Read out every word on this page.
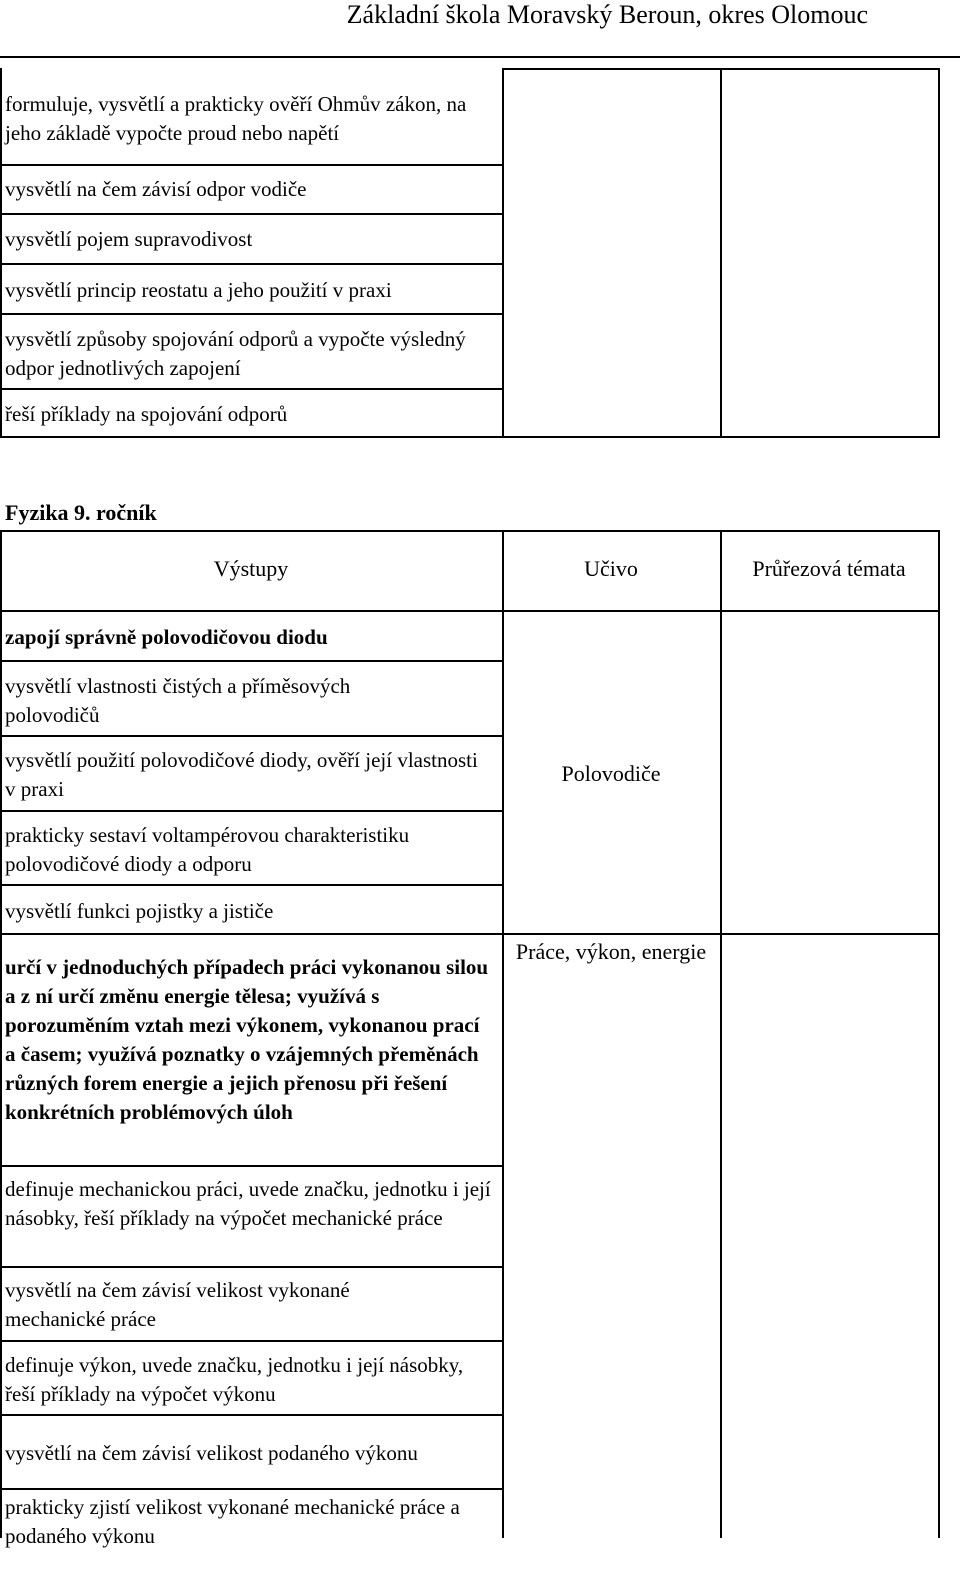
Základní škola Moravský Beroun, okres Olomouc
formuluje, vysvětlí a prakticky ověří Ohmův zákon, na jeho základě vypočte proud nebo napětí
vysvětlí na čem závisí odpor vodiče
vysvětlí pojem supravodivost
vysvětlí princip reostatu a jeho použití v praxi
vysvětlí způsoby spojování odporů a vypočte výsledný odpor jednotlivých zapojení
řeší příklady na spojování odporů
Fyzika 9. ročník
Výstupy	Učivo	Průřezová témata
zapojí správně polovodičovou diodu
vysvětlí vlastnosti čistých a příměsových polovodičů
vysvětlí použití polovodičové diody, ověří její vlastnosti v praxi
prakticky sestaví voltampérovou charakteristiku polovodičové diody a odporu
vysvětlí funkci pojistky a jističe
určí v jednoduchých případech práci vykonanou silou a z ní určí změnu energie tělesa; využívá s porozuměním vztah mezi výkonem, vykonanou prací a časem; využívá poznatky o vzájemných přeměnách různých forem energie a jejich přenosu při řešení konkrétních problémových úloh
definuje mechanickou práci, uvede značku, jednotku i její násobky, řeší příklady na výpočet mechanické práce
vysvětlí na čem závisí velikost vykonané mechanické práce
definuje výkon, uvede značku, jednotku i její násobky, řeší příklady na výpočet výkonu
vysvětlí na čem závisí velikost podaného výkonu
prakticky zjistí velikost vykonané mechanické práce a podaného výkonu
Polovodiče
Práce, výkon, energie
